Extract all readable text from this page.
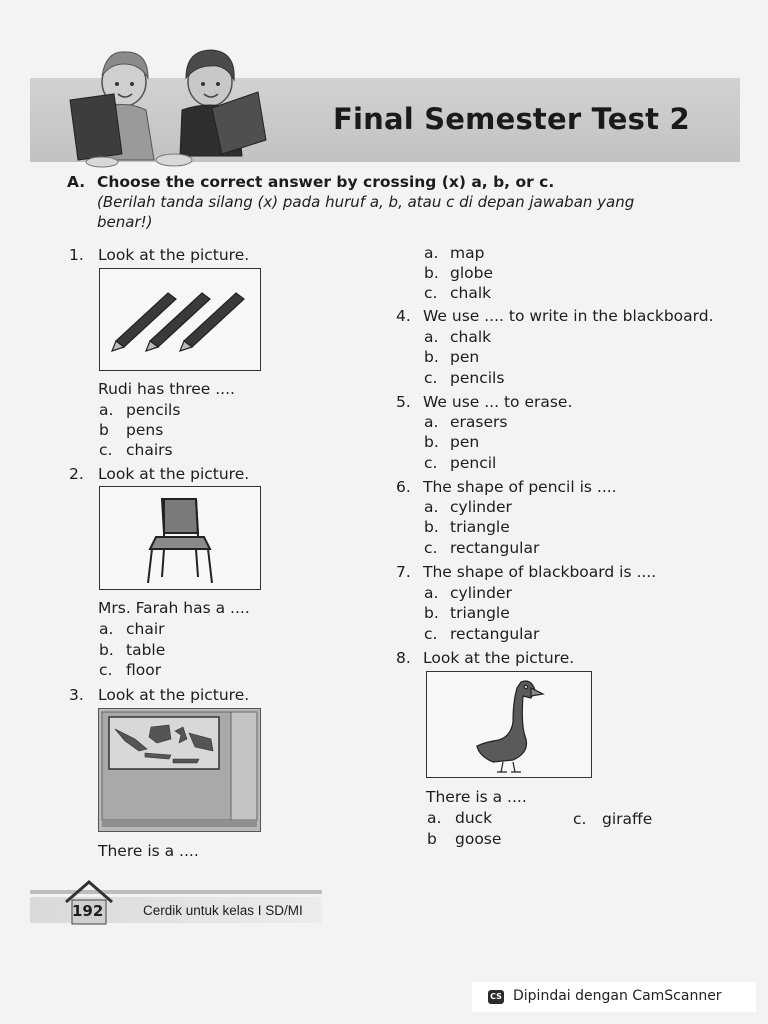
Final Semester Test 2
A. Choose the correct answer by crossing (x) a, b, or c.
(Berilah tanda silang (x) pada huruf a, b, atau c di depan jawaban yang
benar!)
1. Look at the picture.
Rudi has three ....
a. pencils
b pens
c. chairs
2. Look at the picture.
Mrs. Farah has a ....
a. chair
b. table
c. floor
3. Look at the picture.
There is a ....
a. map
b. globe
c. chalk
4. We use .... to write in the blackboard.
a. chalk
b. pen
c. pencils
5. We use ... to erase.
a. erasers
b. pen
c. pencil
6. The shape of pencil is ....
a. cylinder
b. triangle
c. rectangular
7. The shape of blackboard is ....
a. cylinder
b. triangle
c. rectangular
8. Look at the picture.
There is a ....
a. duck
b goose
c. giraffe
192	Cerdik untuk kelas I SD/MI
CS Dipindai dengan CamScanner
